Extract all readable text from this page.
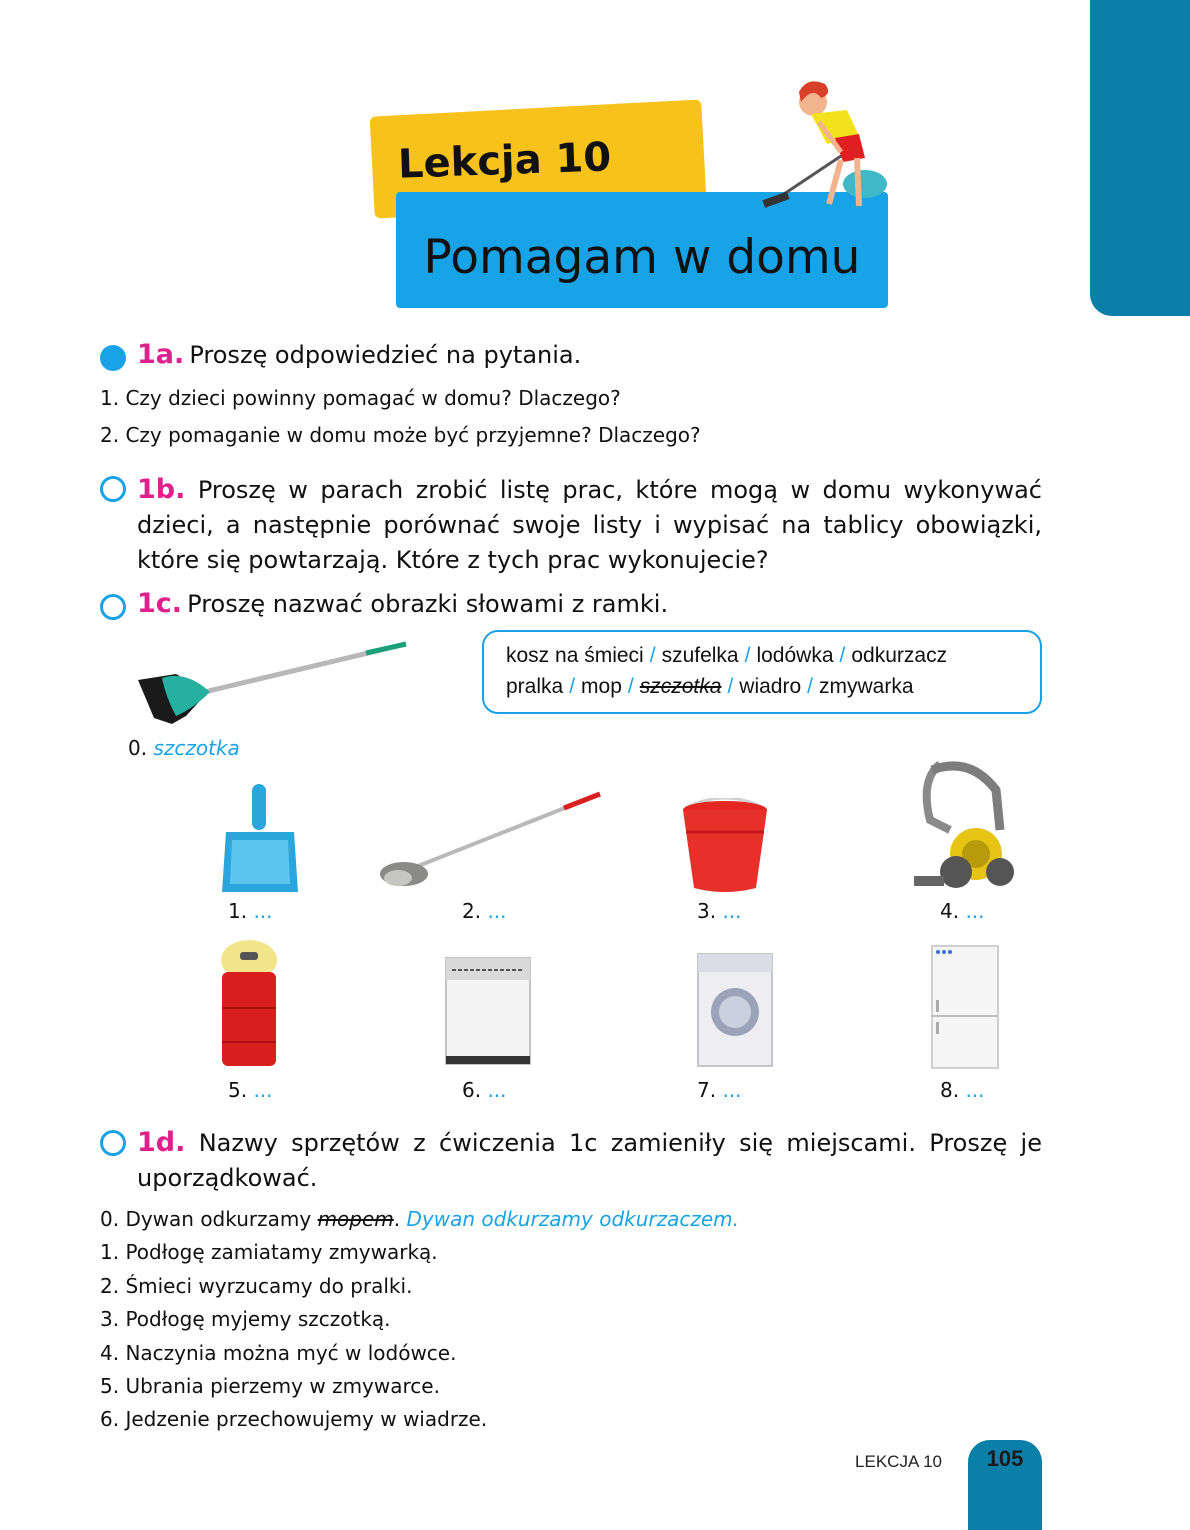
Lekcja 10
Pomagam w domu
1a. Proszę odpowiedzieć na pytania.
1. Czy dzieci powinny pomagać w domu? Dlaczego?
2. Czy pomaganie w domu może być przyjemne? Dlaczego?
1b. Proszę w parach zrobić listę prac, które mogą w domu wykonywać dzieci, a następnie porównać swoje listy i wypisać na tablicy obowiązki, które się powtarzają. Które z tych prac wykonujecie?
1c. Proszę nazwać obrazki słowami z ramki.
kosz na śmieci / szufelka / lodówka / odkurzacz
pralka / mop / szczotka / wiadro / zmywarka
0. szczotka
1. ...	2. ...	3. ...	4. ...
5. ...	6. ...	7. ...	8. ...
1d. Nazwy sprzętów z ćwiczenia 1c zamieniły się miejscami. Proszę je uporządkować.
0. Dywan odkurzamy mopem. Dywan odkurzamy odkurzaczem.
1. Podłogę zamiatamy zmywarką.
2. Śmieci wyrzucamy do pralki.
3. Podłogę myjemy szczotką.
4. Naczynia można myć w lodówce.
5. Ubrania pierzemy w zmywarce.
6. Jedzenie przechowujemy w wiadrze.
LEKCJA 10	105
